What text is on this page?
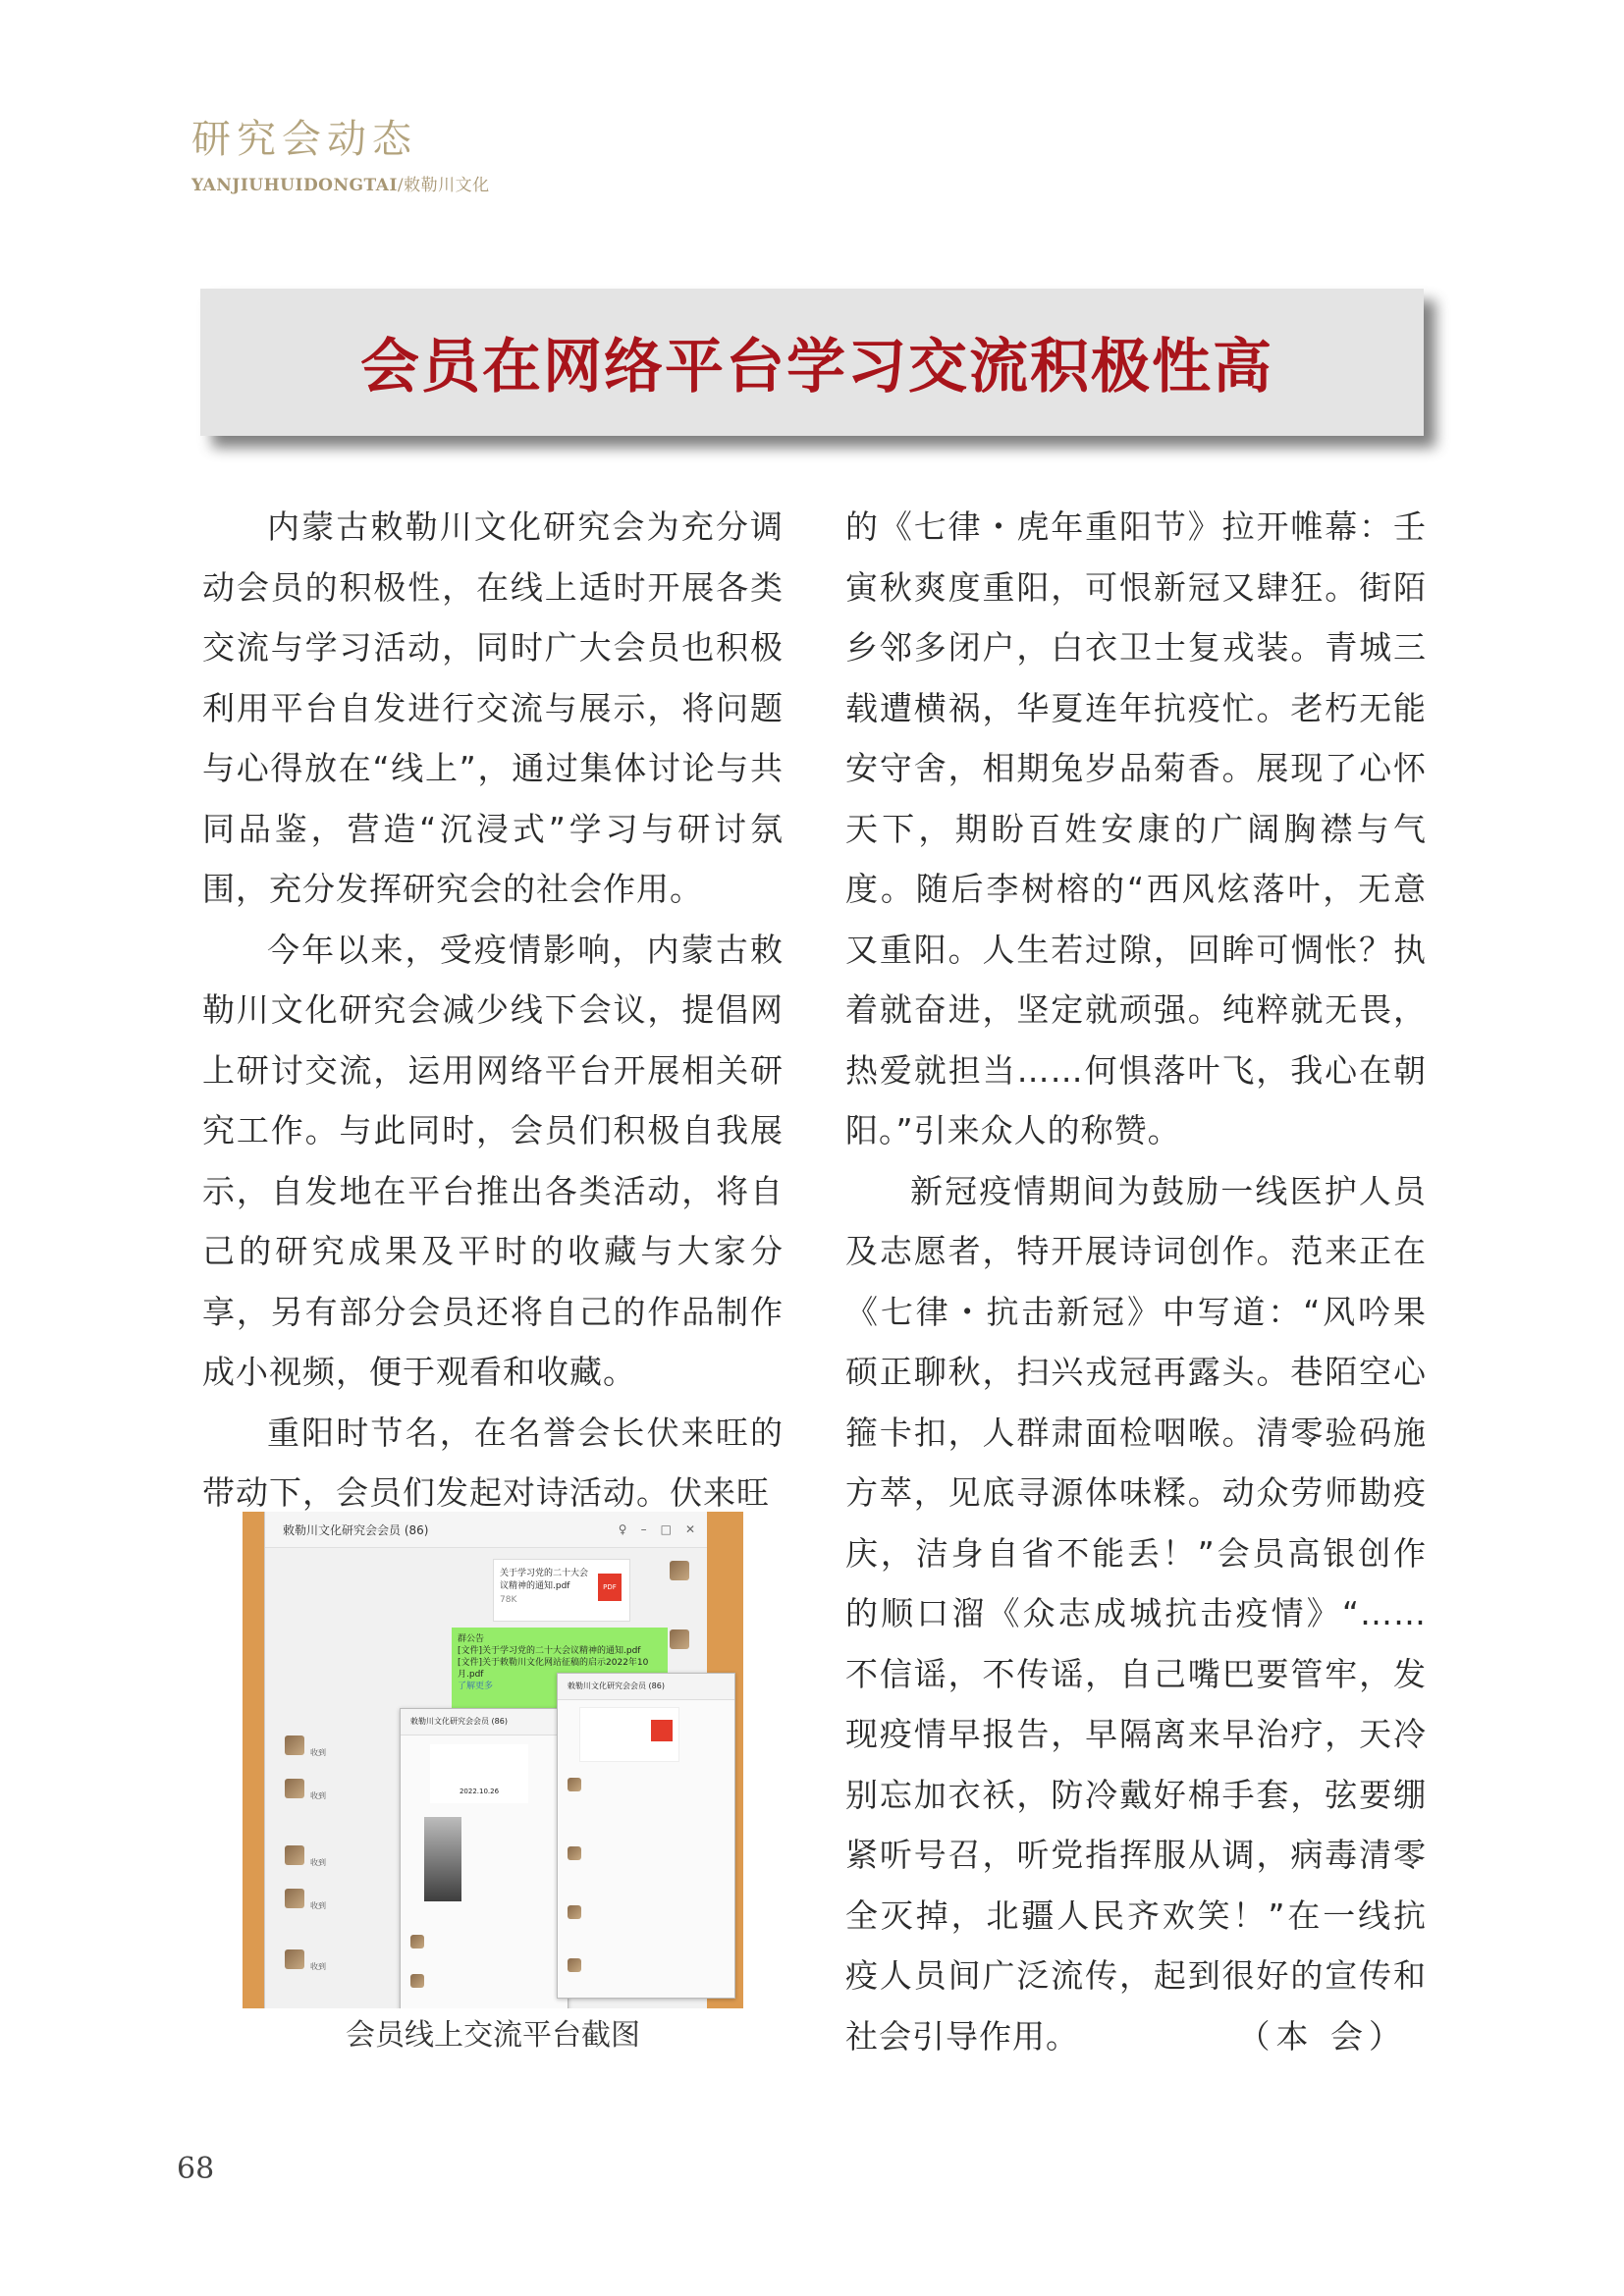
研究会动态
YANJIUHUIDONGTAI/敕勒川文化
会员在网络平台学习交流积极性高

内蒙古敕勒川文化研究会为充分调动会员的积极性，在线上适时开展各类交流与学习活动，同时广大会员也积极利用平台自发进行交流与展示，将问题与心得放在“线上”，通过集体讨论与共同品鉴，营造“沉浸式”学习与研讨氛围，充分发挥研究会的社会作用。

今年以来，受疫情影响，内蒙古敕勒川文化研究会减少线下会议，提倡网上研讨交流，运用网络平台开展相关研究工作。与此同时，会员们积极自我展示，自发地在平台推出各类活动，将自己的研究成果及平时的收藏与大家分享，另有部分会员还将自己的作品制作成小视频，便于观看和收藏。

重阳时节名，在名誉会长伏来旺的带动下，会员们发起对诗活动。伏来旺

敕勒川文化研究会会员 (86)	♀ – □ ✕
关于学习党的二十大会议精神的通知.pdf
78K
PDF
群公告
[文件]关于学习党的二十大会议精神的通知.pdf
[文件]关于敕勒川文化网站征稿的启示2022年10月.pdf
了解更多
收到
收到
收到
收到
收到
敕勒川文化研究会会员 (86)
2022.10.26
敕勒川文化研究会会员 (86)
会员线上交流平台截图

的《七律・虎年重阳节》拉开帷幕：壬寅秋爽度重阳，可恨新冠又肆狂。街陌乡邻多闭户，白衣卫士复戎装。青城三载遭横祸，华夏连年抗疫忙。老朽无能安守舍，相期兔岁品菊香。展现了心怀天下，期盼百姓安康的广阔胸襟与气度。随后李树榕的“西风炫落叶，无意又重阳。人生若过隙，回眸可惆怅？执着就奋进，坚定就顽强。纯粹就无畏，热爱就担当……何惧落叶飞，我心在朝阳。”引来众人的称赞。

新冠疫情期间为鼓励一线医护人员及志愿者，特开展诗词创作。范来正在《七律・抗击新冠》中写道：“风吟果硕正聊秋，扫兴戎冠再露头。巷陌空心箍卡扣，人群肃面检咽喉。清零验码施方萃，见底寻源体味糅。动众劳师勘疫庆，洁身自省不能丢！”会员高银创作的顺口溜《众志成城抗击疫情》“……不信谣，不传谣，自己嘴巴要管牢，发现疫情早报告，早隔离来早治疗，天冷别忘加衣袄，防冷戴好棉手套，弦要绷紧听号召，听党指挥服从调，病毒清零全灭掉，北疆人民齐欢笑！”在一线抗疫人员间广泛流传，起到很好的宣传和社会引导作用。	（本 会）

68
